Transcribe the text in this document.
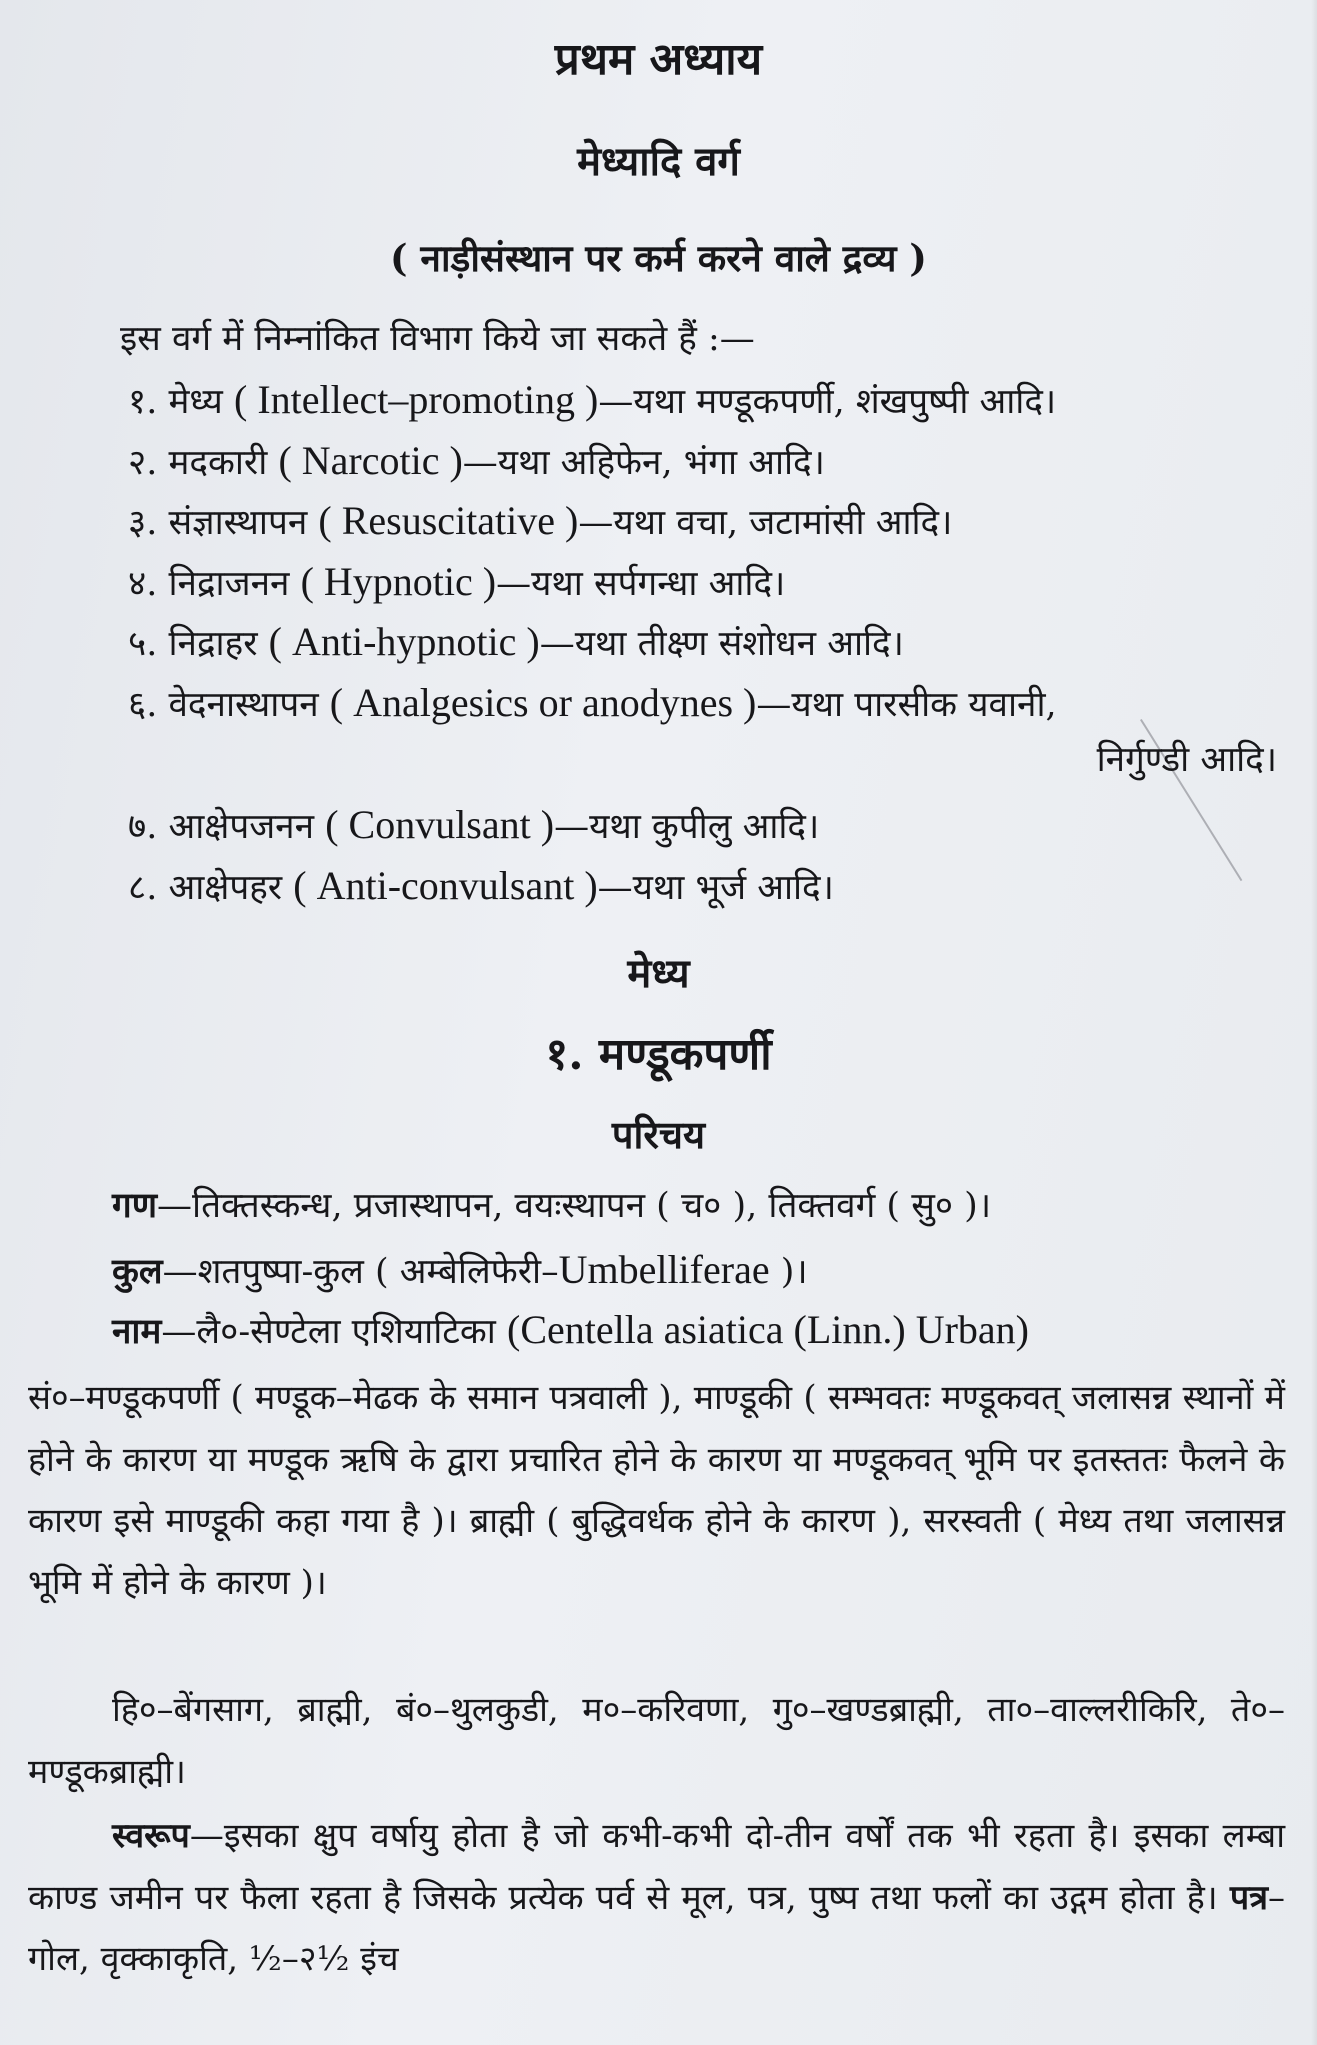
प्रथम अध्याय
मेध्यादि वर्ग
( नाड़ीसंस्थान पर कर्म करने वाले द्रव्य )
इस वर्ग में निम्नांकित विभाग किये जा सकते हैं :—
१. मेध्य ( Intellect–promoting )—यथा मण्डूकपर्णी, शंखपुष्पी आदि।
२. मदकारी ( Narcotic )—यथा अहिफेन, भंगा आदि।
३. संज्ञास्थापन ( Resuscitative )—यथा वचा, जटामांसी आदि।
४. निद्राजनन ( Hypnotic )—यथा सर्पगन्धा आदि।
५. निद्राहर ( Anti-hypnotic )—यथा तीक्ष्ण संशोधन आदि।
६. वेदनास्थापन ( Analgesics or anodynes )—यथा पारसीक यवानी,
निर्गुण्डी आदि।
७. आक्षेपजनन ( Convulsant )—यथा कुपीलु आदि।
८. आक्षेपहर ( Anti-convulsant )—यथा भूर्ज आदि।
मेध्य
१. मण्डूकपर्णी
परिचय
गण—तिक्तस्कन्ध, प्रजास्थापन, वयःस्थापन ( च० ), तिक्तवर्ग ( सु० )।
कुल—शतपुष्पा-कुल ( अम्बेलिफेरी–Umbelliferae )।
नाम—लै०-सेण्टेला एशियाटिका (Centella asiatica (Linn.) Urban)
सं०–मण्डूकपर्णी ( मण्डूक–मेढक के समान पत्रवाली ), माण्डूकी ( सम्भवतः मण्डूकवत् जलासन्न स्थानों में होने के कारण या मण्डूक ऋषि के द्वारा प्रचारित होने के कारण या मण्डूकवत् भूमि पर इतस्ततः फैलने के कारण इसे माण्डूकी कहा गया है )। ब्राह्मी ( बुद्धिवर्धक होने के कारण ), सरस्वती ( मेध्य तथा जलासन्न भूमि में होने के कारण )।
हि०–बेंगसाग, ब्राह्मी, बं०–थुलकुडी, म०–करिवणा, गु०–खण्डब्राह्मी, ता०–वाल्लरीकिरि, ते०–मण्डूकब्राह्मी।
स्वरूप—इसका क्षुप वर्षायु होता है जो कभी-कभी दो-तीन वर्षों तक भी रहता है। इसका लम्बा काण्ड जमीन पर फैला रहता है जिसके प्रत्येक पर्व से मूल, पत्र, पुष्प तथा फलों का उद्गम होता है। पत्र–गोल, वृक्काकृति, ½–२½ इंच
